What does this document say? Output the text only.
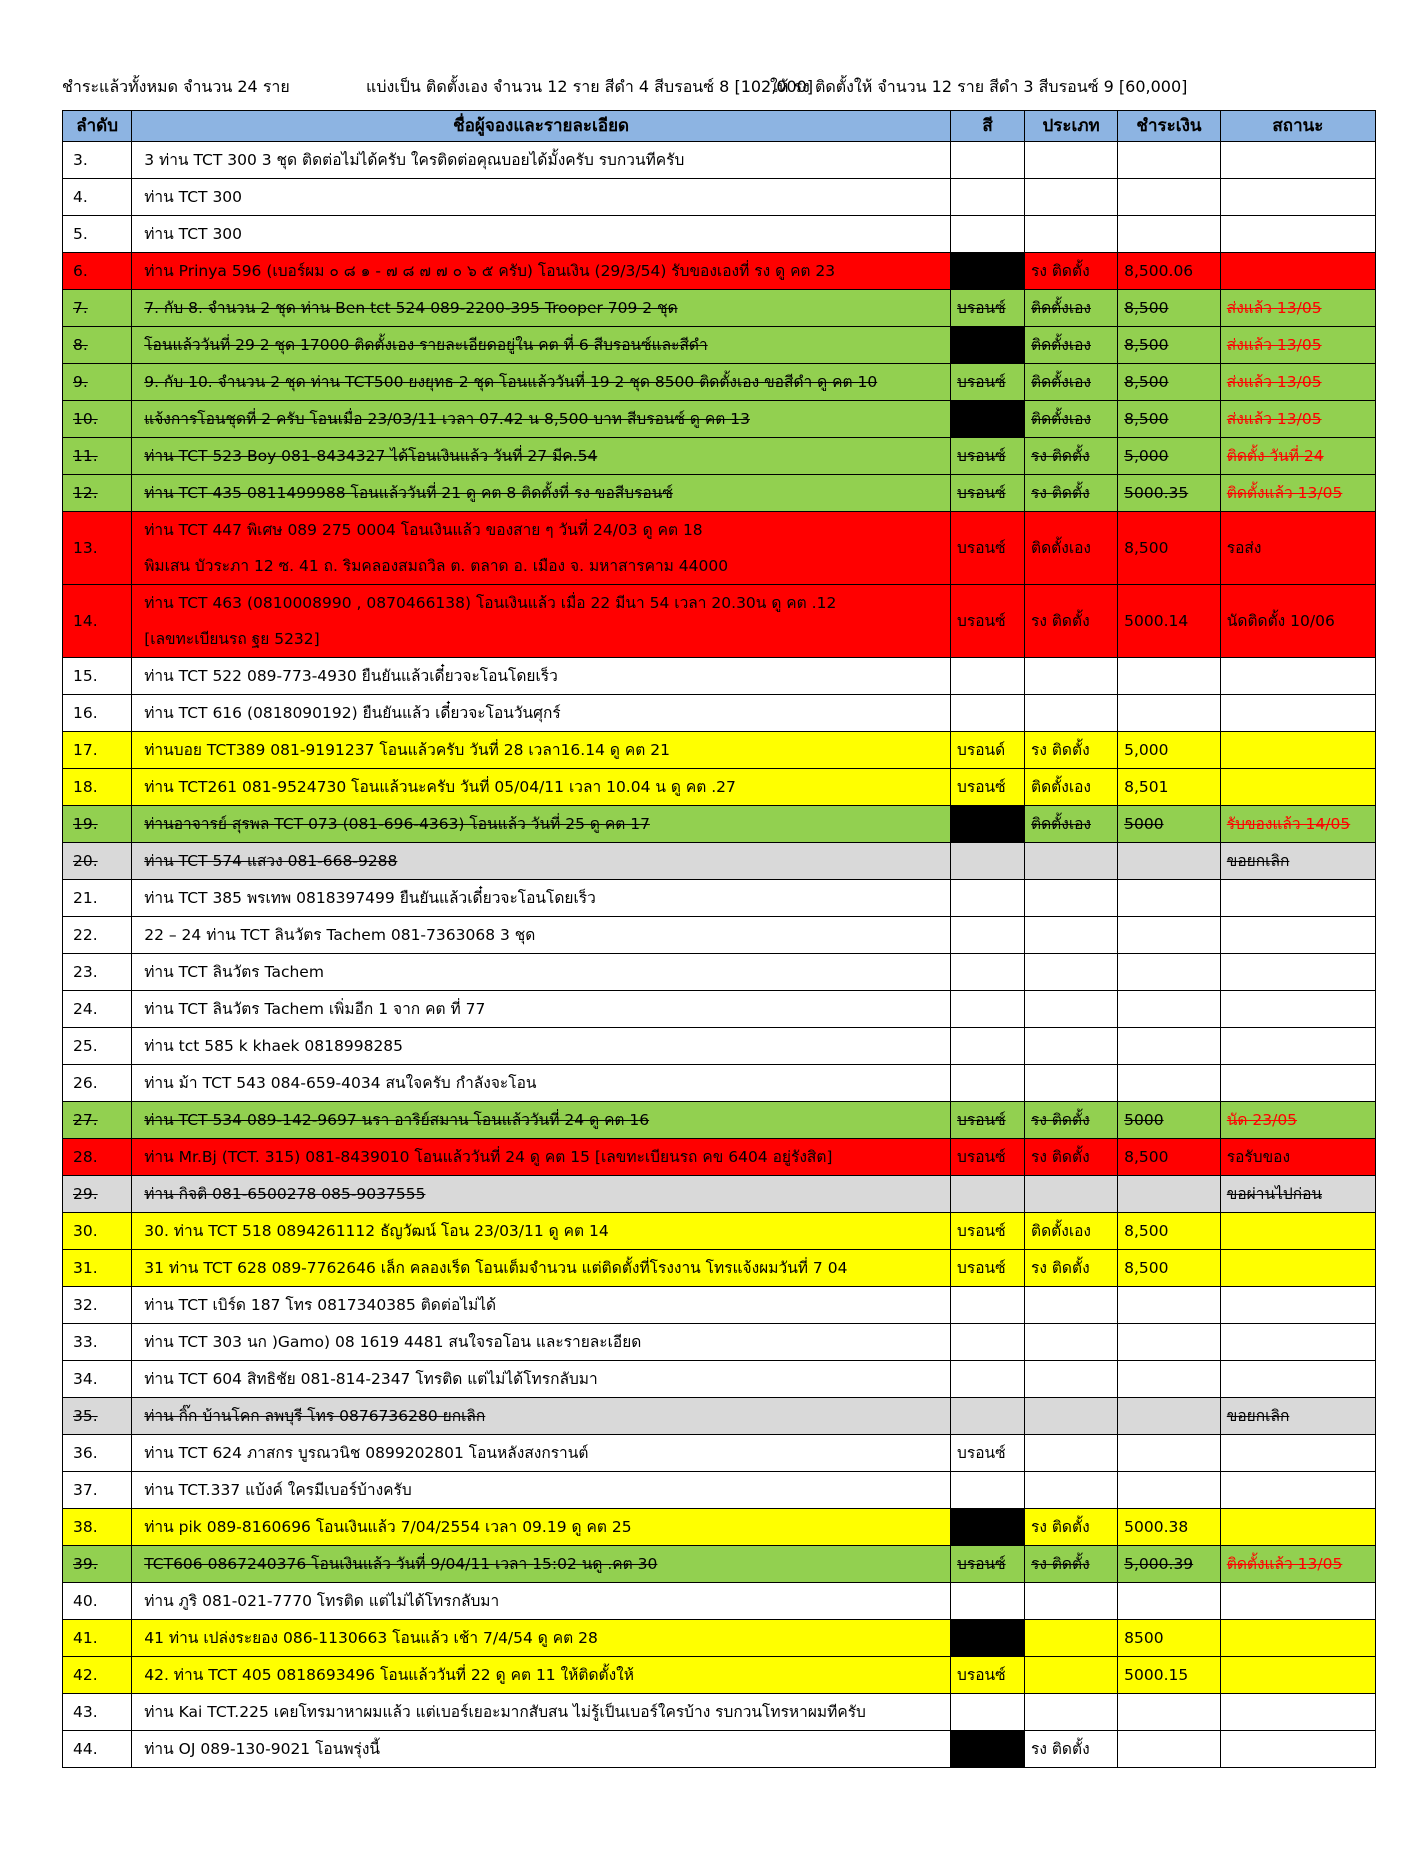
ชำระแล้วทั้งหมด จำนวน 24 ราย	แบ่งเป็น ติดตั้งเอง จำนวน 12 ราย สีดำ 4 สีบรอนซ์ 8 [102,000]
ให้ รง ติดตั้งให้ จำนวน 12 ราย สีดำ 3 สีบรอนซ์ 9 [60,000]
ลำดับ	ชื่อผู้จองและรายละเอียด	สี	ประเภท	ชำระเงิน	สถานะ
3.	3 ท่าน TCT 300 3 ชุด ติดต่อไม่ได้ครับ ใครติดต่อคุณบอยได้มั้งครับ รบกวนทีครับ				

4.	ท่าน TCT 300				

5.	ท่าน TCT 300				

6.	ท่าน Prinya 596 (เบอร์ผม ๐ ๘ ๑ - ๗ ๘ ๗ ๗ ๐ ๖ ๕ ครับ) โอนเงิน (29/3/54) รับของเองที่ รง ดู คต 23		รง ติดตั้ง	8,500.06	
7.	7. กับ 8. จำนวน 2 ชุด ท่าน Ben tct 524 089-2200-395 Trooper 709 2 ชุด	บรอนซ์	ติดตั้งเอง	8,500	ส่งแล้ว 13/05
8.	โอนแล้ววันที่ 29 2 ชุด 17000 ติดตั้งเอง รายละเอียดอยู่ใน คต ที่ 6 สีบรอนซ์และสีดำ		ติดตั้งเอง	8,500	ส่งแล้ว 13/05
9.	9. กับ 10. จำนวน 2 ชุด ท่าน TCT500 ยงยุทธ 2 ชุด โอนแล้ววันที่ 19 2 ชุด 8500 ติดตั้งเอง ขอสีดำ ดู คต 10	บรอนซ์	ติดตั้งเอง	8,500	ส่งแล้ว 13/05
10.	แจ้งการโอนชุดที่ 2 ครับ โอนเมื่อ 23/03/11 เวลา 07.42 น 8,500 บาท สีบรอนซ์ ดู คต 13		ติดตั้งเอง	8,500	ส่งแล้ว 13/05
11.	ท่าน TCT 523 Boy 081-8434327 ได้โอนเงินแล้ว วันที่ 27 มีค.54	บรอนซ์	รง ติดตั้ง	5,000	ติดตั้ง วันที่ 24
12.	ท่าน TCT 435 0811499988 โอนแล้ววันที่ 21 ดู คต 8 ติดตั้งที่ รง ขอสีบรอนซ์	บรอนซ์	รง ติดตั้ง	5000.35	ติดตั้งแล้ว 13/05
13.	ท่าน TCT 447 พิเศษ 089 275 0004 โอนเงินแล้ว ของสาย ๆ วันที่ 24/03 ดู คต 18
พิมเสน บัวระภา 12 ซ. 41 ถ. ริมคลองสมถวิล ต. ตลาด อ. เมือง จ. มหาสารคาม 44000	บรอนซ์	ติดตั้งเอง	8,500	รอส่ง
14.	ท่าน TCT 463 (0810008990 , 0870466138) โอนเงินแล้ว เมื่อ 22 มีนา 54 เวลา 20.30น ดู คต .12
[เลขทะเบียนรถ ฐย 5232]	บรอนซ์	รง ติดตั้ง	5000.14	นัดติดตั้ง 10/06
15.	ท่าน TCT 522 089-773-4930 ยืนยันแล้วเดี๋ยวจะโอนโดยเร็ว				

16.	ท่าน TCT 616 (0818090192) ยืนยันแล้ว เดี๋ยวจะโอนวันศุกร์				

17.	ท่านบอย TCT389 081-9191237 โอนแล้วครับ วันที่ 28 เวลา16.14 ดู คต 21	บรอนด์	รง ติดตั้ง	5,000	
18.	ท่าน TCT261 081-9524730 โอนแล้วนะครับ วันที่ 05/04/11 เวลา 10.04 น ดู คต .27	บรอนซ์	ติดตั้งเอง	8,501	
19.	ท่านอาจารย์ สุรพล TCT 073 (081-696-4363) โอนแล้ว วันที่ 25 ดู คต 17		ติดตั้งเอง	5000	รับของแล้ว 14/05
20.	ท่าน TCT 574 แสวง 081-668-9288				ขอยกเลิก
21.	ท่าน TCT 385 พรเทพ 0818397499 ยืนยันแล้วเดี๋ยวจะโอนโดยเร็ว				

22.	22 – 24 ท่าน TCT ลินวัตร Tachem 081-7363068 3 ชุด				

23.	ท่าน TCT ลินวัตร Tachem				

24.	ท่าน TCT ลินวัตร Tachem เพิ่มอีก 1 จาก คต ที่ 77				

25.	ท่าน tct 585 k khaek 0818998285				

26.	ท่าน ม้า TCT 543 084-659-4034 สนใจครับ กำลังจะโอน				

27.	ท่าน TCT 534 089-142-9697 นรา อาริย์สมาน โอนแล้ววันที่ 24 ดู คต 16	บรอนซ์	รง ติดตั้ง	5000	นัด 23/05
28.	ท่าน Mr.Bj (TCT. 315) 081-8439010 โอนแล้ววันที่ 24 ดู คต 15 [เลขทะเบียนรถ คข 6404 อยู่รังสิต]	บรอนซ์	รง ติดตั้ง	8,500	รอรับของ
29.	ท่าน กิจติ 081-6500278 085-9037555				ขอผ่านไปก่อน
30.	30. ท่าน TCT 518 0894261112 ธัญวัฒน์ โอน 23/03/11 ดู คต 14	บรอนซ์	ติดตั้งเอง	8,500	
31.	31 ท่าน TCT 628 089-7762646 เล็ก คลองเร็ด โอนเต็มจำนวน แต่ติดตั้งที่โรงงาน โทรแจ้งผมวันที่ 7 04	บรอนซ์	รง ติดตั้ง	8,500	
32.	ท่าน TCT เบิร์ด 187 โทร 0817340385 ติดต่อไม่ได้				

33.	ท่าน TCT 303 นก )Gamo) 08 1619 4481 สนใจรอโอน และรายละเอียด				

34.	ท่าน TCT 604 สิทธิชัย 081-814-2347 โทรติด แต่ไม่ได้โทรกลับมา				

35.	ท่าน กิ๊ก บ้านโคก ลพบุรี โทร 0876736280 ยกเลิก				ขอยกเลิก
36.	ท่าน TCT 624 ภาสกร บูรณวนิช 0899202801 โอนหลังสงกรานต์	บรอนซ์			
37.	ท่าน TCT.337 แบ้งค์ ใครมีเบอร์บ้างครับ				

38.	ท่าน pik 089-8160696 โอนเงินแล้ว 7/04/2554 เวลา 09.19 ดู คต 25		รง ติดตั้ง	5000.38	
39.	TCT606 0867240376 โอนเงินแล้ว วันที่ 9/04/11 เวลา 15:02 นดู .คต 30	บรอนซ์	รง ติดตั้ง	5,000.39	ติดตั้งแล้ว 13/05
40.	ท่าน ภูริ 081-021-7770 โทรติด แต่ไม่ได้โทรกลับมา				

41.	41 ท่าน เปล่งระยอง 086-1130663 โอนแล้ว เช้า 7/4/54 ดู คต 28			8500	
42.	42. ท่าน TCT 405 0818693496 โอนแล้ววันที่ 22 ดู คต 11 ให้ติดตั้งให้	บรอนซ์		5000.15	
43.	ท่าน Kai TCT.225 เคยโทรมาหาผมแล้ว แต่เบอร์เยอะมากสับสน ไม่รู้เป็นเบอร์ใครบ้าง รบกวนโทรหาผมทีครับ				

44.	ท่าน OJ 089-130-9021 โอนพรุ่งนี้		รง ติดตั้ง		
